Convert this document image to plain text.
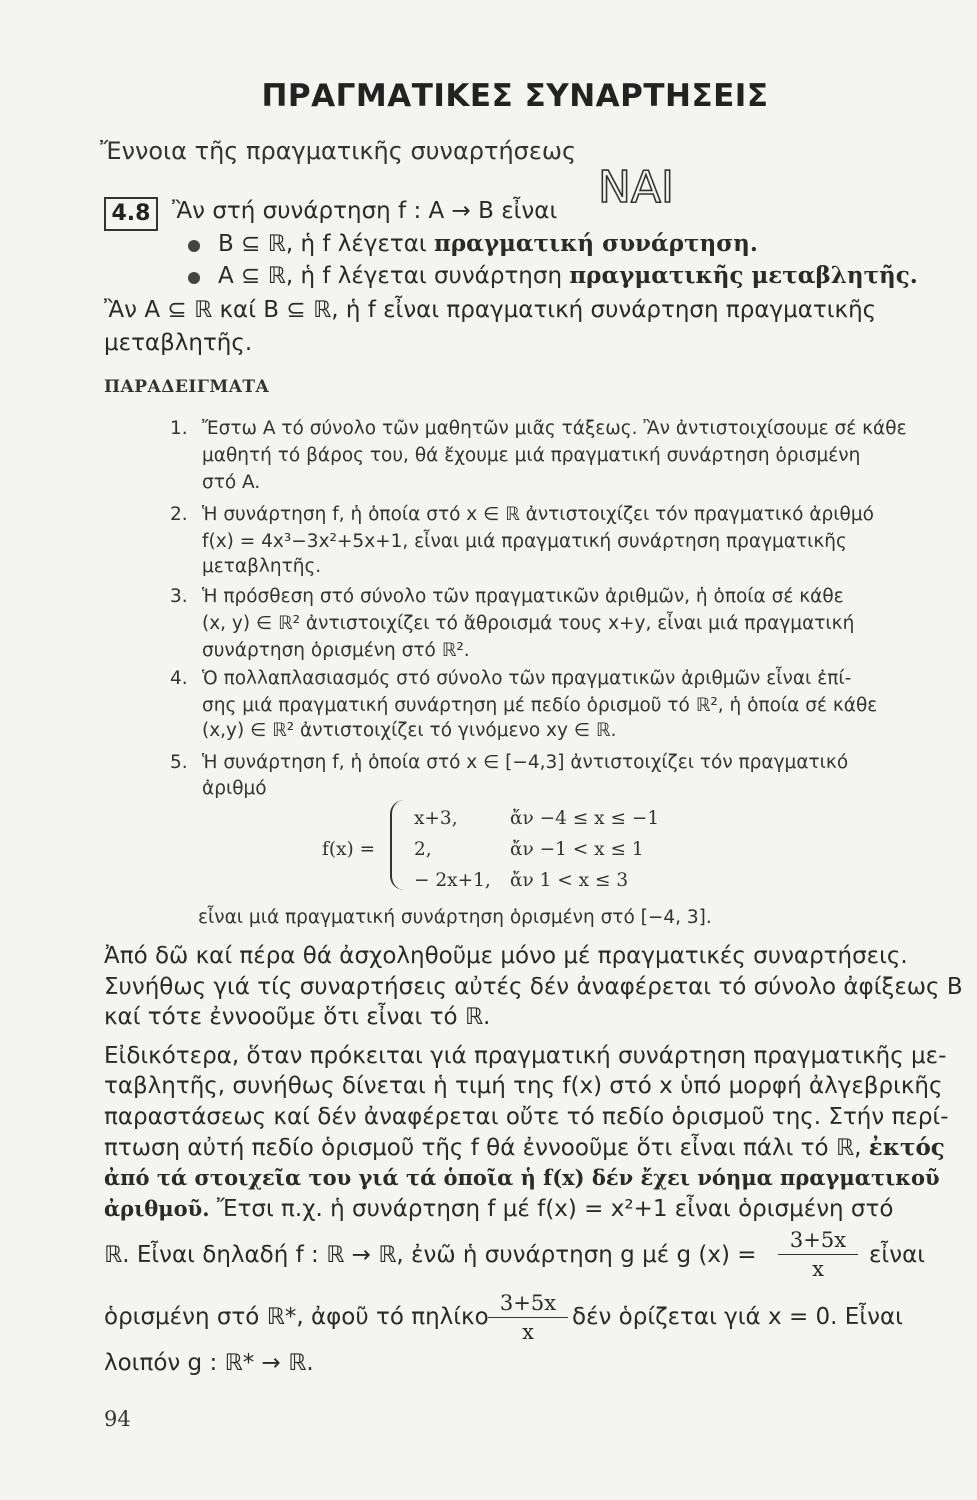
ΠΡΑΓΜΑΤΙΚΕΣ ΣΥΝΑΡΤΗΣΕΙΣ
Ἔννοια τῆς πραγματικῆς συναρτήσεως
ΝΑΙ
4.8 Ἂν στή συνάρτηση f : A → B εἶναι
B ⊆ ℝ, ἡ f λέγεται πραγματική συνάρτηση.
A ⊆ ℝ, ἡ f λέγεται συνάρτηση πραγματικῆς μεταβλητῆς.
Ἂν A ⊆ ℝ καί B ⊆ ℝ, ἡ f εἶναι πραγματική συνάρτηση πραγματικῆς
μεταβλητῆς.
ΠΑΡΑΔΕΙΓΜΑΤΑ
1. Ἔστω A τό σύνολο τῶν μαθητῶν μιᾶς τάξεως. Ἂν ἀντιστοιχίσουμε σέ κάθε
μαθητή τό βάρος του, θά ἔχουμε μιά πραγματική συνάρτηση ὁρισμένη
στό A.
2. Ἡ συνάρτηση f, ἡ ὁποία στό x ∈ ℝ ἀντιστοιχίζει τόν πραγματικό ἀριθμό
f(x) = 4x³−3x²+5x+1, εἶναι μιά πραγματική συνάρτηση πραγματικῆς
μεταβλητῆς.
3. Ἡ πρόσθεση στό σύνολο τῶν πραγματικῶν ἀριθμῶν, ἡ ὁποία σέ κάθε
(x, y) ∈ ℝ² ἀντιστοιχίζει τό ἄθροισμά τους x+y, εἶναι μιά πραγματική
συνάρτηση ὁρισμένη στό ℝ².
4. Ὁ πολλαπλασιασμός στό σύνολο τῶν πραγματικῶν ἀριθμῶν εἶναι ἐπί-
σης μιά πραγματική συνάρτηση μέ πεδίο ὁρισμοῦ τό ℝ², ἡ ὁποία σέ κάθε
(x,y) ∈ ℝ² ἀντιστοιχίζει τό γινόμενο xy ∈ ℝ.
5. Ἡ συνάρτηση f, ἡ ὁποία στό x ∈ [−4,3] ἀντιστοιχίζει τόν πραγματικό
ἀριθμό
f(x) =
x+3,	ἄν −4 ≤ x ≤ −1
2,	ἄν −1 < x ≤ 1
− 2x+1, ἄν 1 < x ≤ 3
εἶναι μιά πραγματική συνάρτηση ὁρισμένη στό [−4, 3].
Ἀπό δῶ καί πέρα θά ἀσχοληθοῦμε μόνο μέ πραγματικές συναρτήσεις.
Συνήθως γιά τίς συναρτήσεις αὐτές δέν ἀναφέρεται τό σύνολο ἀφίξεως B
καί τότε ἐννοοῦμε ὅτι εἶναι τό ℝ.
Εἰδικότερα, ὅταν πρόκειται γιά πραγματική συνάρτηση πραγματικῆς με-
ταβλητῆς, συνήθως δίνεται ἡ τιμή της f(x) στό x ὑπό μορφή ἀλγεβρικῆς
παραστάσεως καί δέν ἀναφέρεται οὔτε τό πεδίο ὁρισμοῦ της. Στήν περί-
πτωση αὐτή πεδίο ὁρισμοῦ τῆς f θά ἐννοοῦμε ὅτι εἶναι πάλι τό ℝ, ἐκτός
ἀπό τά στοιχεῖα του γιά τά ὁποῖα ἡ f(x) δέν ἔχει νόημα πραγματικοῦ
ἀριθμοῦ. Ἔτσι π.χ. ἡ συνάρτηση f μέ f(x) = x²+1 εἶναι ὁρισμένη στό
ℝ. Εἶναι δηλαδή f : ℝ → ℝ, ἐνῶ ἡ συνάρτηση g μέ g $(x) = \frac{3+5x}{x}$ εἶναι
ὁρισμένη στό ℝ*, ἀφοῦ τό πηλίκο $\frac{3+5x}{x}$ δέν ὁρίζεται γιά x = 0. Εἶναι
λοιπόν g : ℝ* → ℝ.
94
